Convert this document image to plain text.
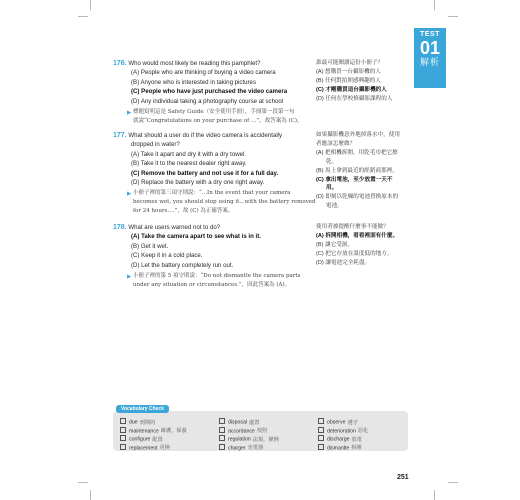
TEST
01
解析
176. Who would most likely be reading this pamphlet?
(A) People who are thinking of buying a video camera
(B) Anyone who is interested in taking pictures
(C) People who have just purchased the video camera
(D) Any individual taking a photography course at school
▶ 標題寫明這是 Safety Guide（安全使用手冊），手冊第一段第一句
就說“Congratulations on your purchase of …”，故答案為 (C)。
誰最可能閱讀這份小冊子？
(A) 想購買一台攝影機的人
(B) 任何對拍照感興趣的人
(C) 才剛購買這台攝影機的人
(D) 任何在學校修攝影課程的人
177. What should a user do if the video camera is accidentally
dropped in water?
(A) Take it apart and dry it with a dry towel.
(B) Take it to the nearest dealer right away.
(C) Remove the battery and not use it for a full day.
(D) Replace the battery with a dry one right away.
▶ 小冊子裡的第三項守則說：“...In the event that your camera
becomes wet, you should stop using it...with the battery removed
for 24 hours….”，故 (C) 為正確答案。
如果攝影機意外地掉落水中，使用
者應該怎麼做？
(A) 把相機拆開，用乾毛巾把它擦
乾。
(B) 馬上拿到最近的經銷商那裡。
(C) 拿出電池，至少放置一天不
用。
(D) 即刻以乾燥的電池替換原本的
電池。
178. What are users warned not to do?
(A) Take the camera apart to see what is in it.
(B) Get it wet.
(C) Keep it in a cold place.
(D) Let the battery completely run out.
▶ 小冊子裡的第 5 項守則說：“Do not dismantle the camera parts
under any situation or circumstances.”，因此答案為 (A)。
使用者被提醒什麼事不能做？
(A) 拆開相機，看看裡面有什麼。
(B) 讓它受濕。
(C) 把它存放在溫度低的地方。
(D) 讓電池完全耗盡。
Vocabulary Check
due 到期的
maintenance 維護，保養
configure 配置
replacement 更換
disposal 處置
accordance 按照
regulation 法規，條例
charger 充電器
observe 遵守
deterioration 惡化
discharge 放電
dismantle 拆開
251
